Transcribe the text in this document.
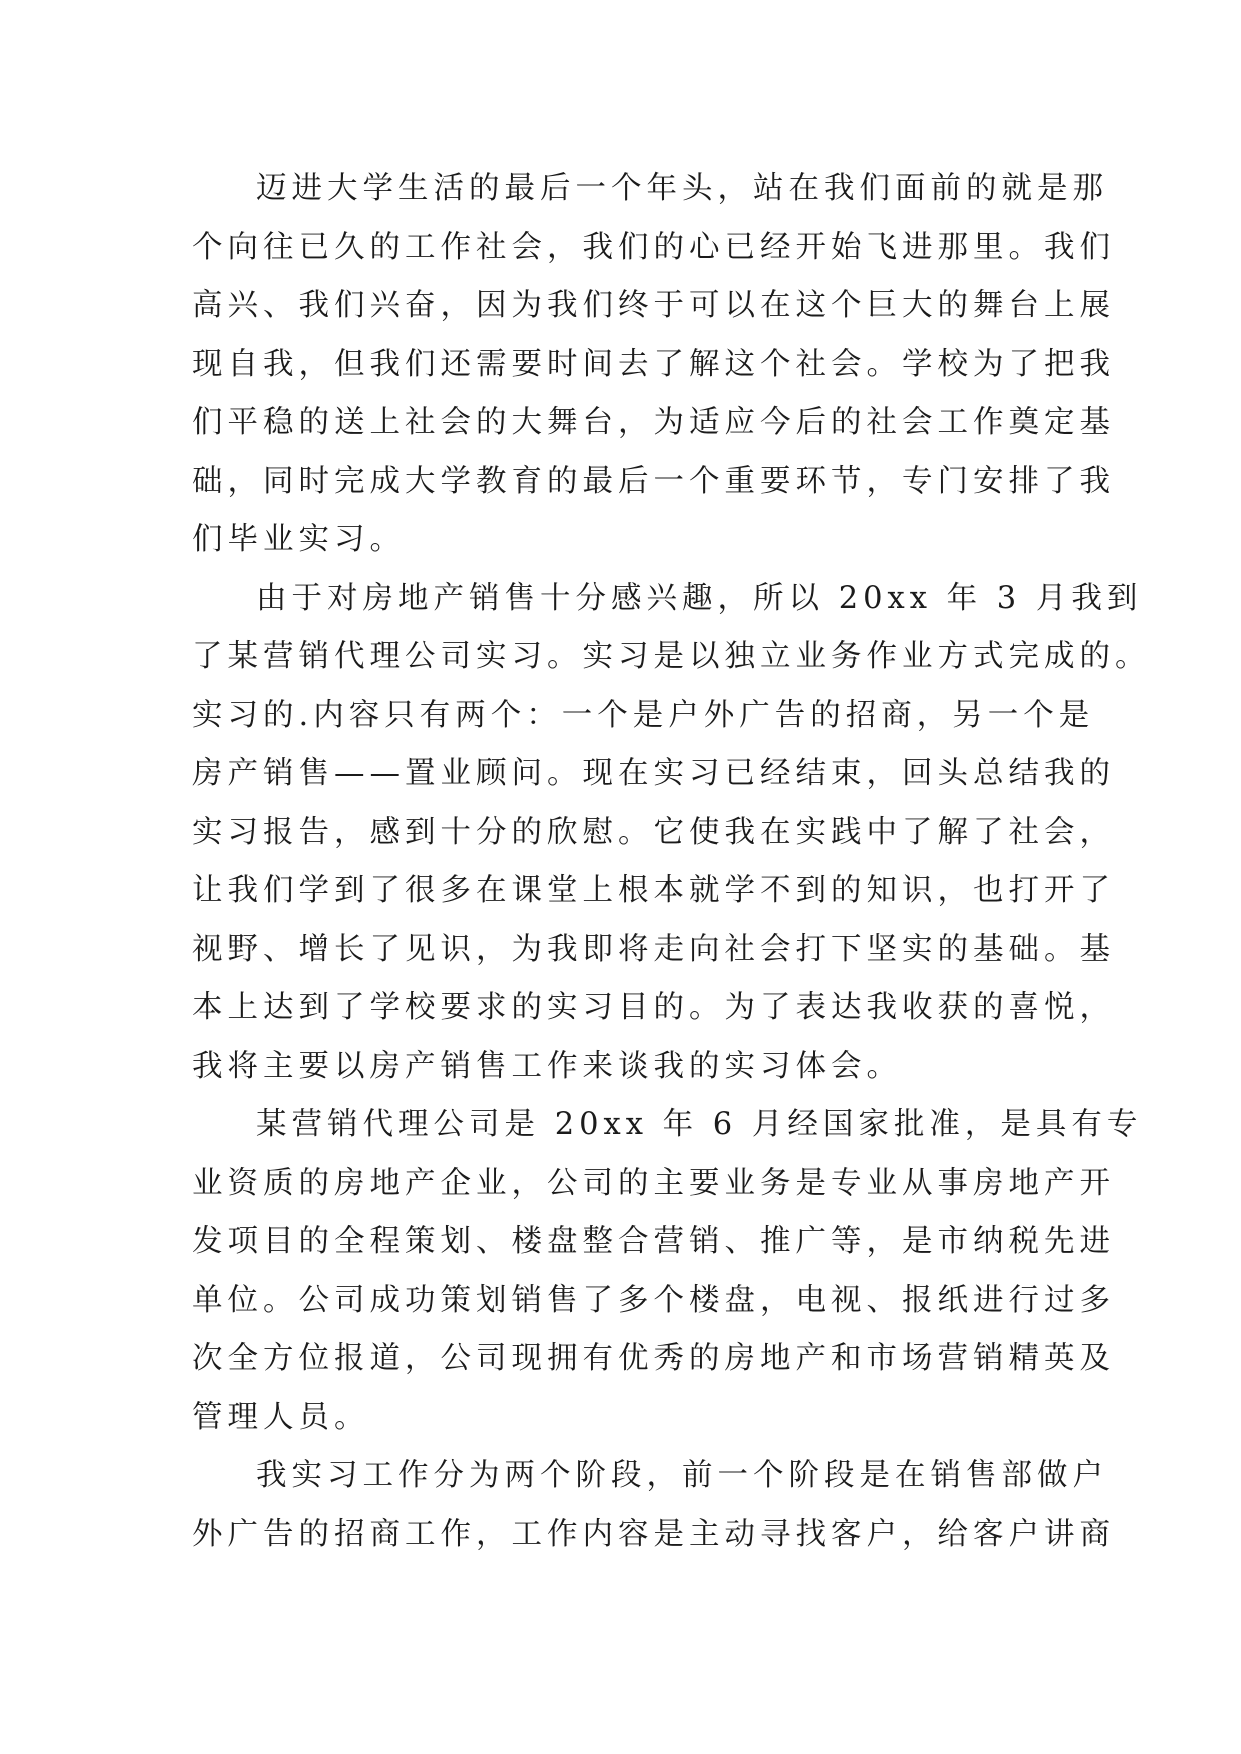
迈进大学生活的最后一个年头，站在我们面前的就是那
个向往已久的工作社会，我们的心已经开始飞进那里。我们
高兴、我们兴奋，因为我们终于可以在这个巨大的舞台上展
现自我，但我们还需要时间去了解这个社会。学校为了把我
们平稳的送上社会的大舞台，为适应今后的社会工作奠定基
础，同时完成大学教育的最后一个重要环节，专门安排了我
们毕业实习。
由于对房地产销售十分感兴趣，所以 20xx 年 3 月我到
了某营销代理公司实习。实习是以独立业务作业方式完成的。
实习的.内容只有两个：一个是户外广告的招商，另一个是
房产销售——置业顾问。现在实习已经结束，回头总结我的
实习报告，感到十分的欣慰。它使我在实践中了解了社会，
让我们学到了很多在课堂上根本就学不到的知识，也打开了
视野、增长了见识，为我即将走向社会打下坚实的基础。基
本上达到了学校要求的实习目的。为了表达我收获的喜悦，
我将主要以房产销售工作来谈我的实习体会。
某营销代理公司是 20xx 年 6 月经国家批准，是具有专
业资质的房地产企业，公司的主要业务是专业从事房地产开
发项目的全程策划、楼盘整合营销、推广等，是市纳税先进
单位。公司成功策划销售了多个楼盘，电视、报纸进行过多
次全方位报道，公司现拥有优秀的房地产和市场营销精英及
管理人员。
我实习工作分为两个阶段，前一个阶段是在销售部做户
外广告的招商工作，工作内容是主动寻找客户，给客户讲商
